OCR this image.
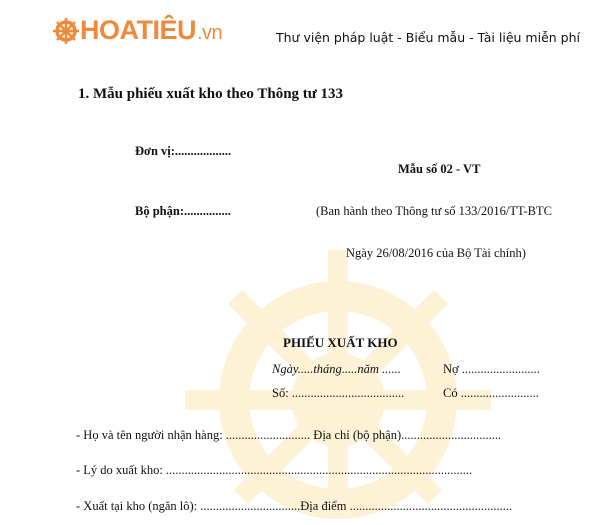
HOATIÊU .vn	Thư viện pháp luật - Biểu mẫu - Tài liệu miễn phí
1. Mẫu phiếu xuất kho theo Thông tư 133
Đơn vị:..................
Mẫu số 02 - VT
Bộ phận:...............	(Ban hành theo Thông tư số 133/2016/TT-BTC
Ngày 26/08/2016 của Bộ Tài chính)
PHIẾU XUẤT KHO
Ngày.....tháng.....năm ......	Nợ .........................
Số: ....................................	Có .........................
- Họ và tên người nhận hàng: ........................... Địa chỉ (bộ phận)................................
- Lý do xuất kho: ..................................................................................................
- Xuất tại kho (ngăn lô): ................................Địa điểm ....................................................
